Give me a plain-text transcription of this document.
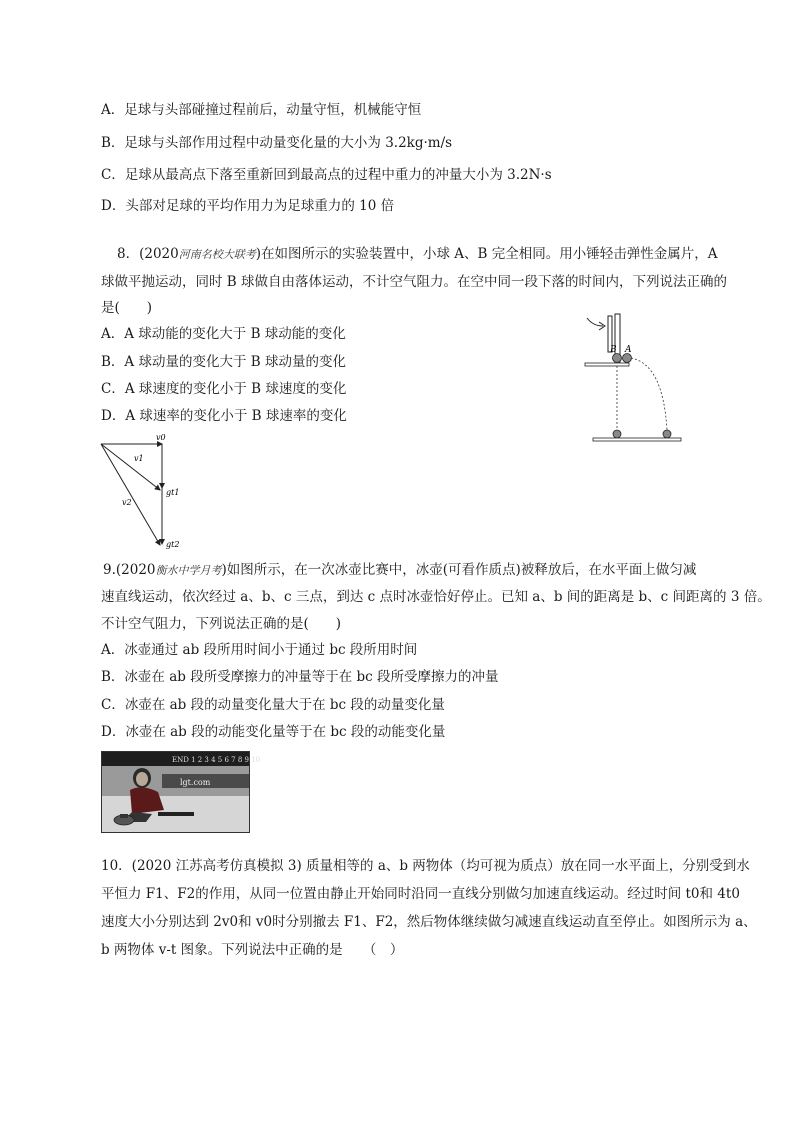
A．足球与头部碰撞过程前后，动量守恒，机械能守恒
B．足球与头部作用过程中动量变化量的大小为 3.2kg·m/s
C．足球从最高点下落至重新回到最高点的过程中重力的冲量大小为 3.2N·s
D．头部对足球的平均作用力为足球重力的 10 倍
8．(2020河南名校大联考)在如图所示的实验装置中，小球 A、B 完全相同。用小锤轻击弹性金属片，A
球做平抛运动，同时 B 球做自由落体运动，不计空气阻力。在空中同一段下落的时间内，下列说法正确的
是(　　)
A．A 球动能的变化大于 B 球动能的变化
B．A 球动量的变化大于 B 球动量的变化
C．A 球速度的变化小于 B 球速度的变化
D．A 球速率的变化小于 B 球速率的变化
B A
v0
v1
v2
gt1
gt2
9.(2020衡水中学月考)如图所示，在一次冰壶比赛中，冰壶(可看作质点)被释放后，在水平面上做匀减
速直线运动，依次经过 a、b、c 三点，到达 c 点时冰壶恰好停止。已知 a、b 间的距离是 b、c 间距离的 3 倍。
不计空气阻力，下列说法正确的是(　　)
A．冰壶通过 ab 段所用时间小于通过 bc 段所用时间
B．冰壶在 ab 段所受摩擦力的冲量等于在 bc 段所受摩擦力的冲量
C．冰壶在 ab 段的动量变化量大于在 bc 段的动量变化量
D．冰壶在 ab 段的动能变化量等于在 bc 段的动能变化量
END 1 2 3 4 5 6 7 8 9 10
lgt.com
10．(2020 江苏高考仿真模拟 3) 质量相等的 a、b 两物体（均可视为质点）放在同一水平面上，分别受到水
平恒力 F1、F2的作用，从同一位置由静止开始同时沿同一直线分别做匀加速直线运动。经过时间 t0和 4t0
速度大小分别达到 2v0和 v0时分别撤去 F1、F2，然后物体继续做匀减速直线运动直至停止。如图所示为 a、
b 两物体 v-t 图象。下列说法中正确的是　　（　）
